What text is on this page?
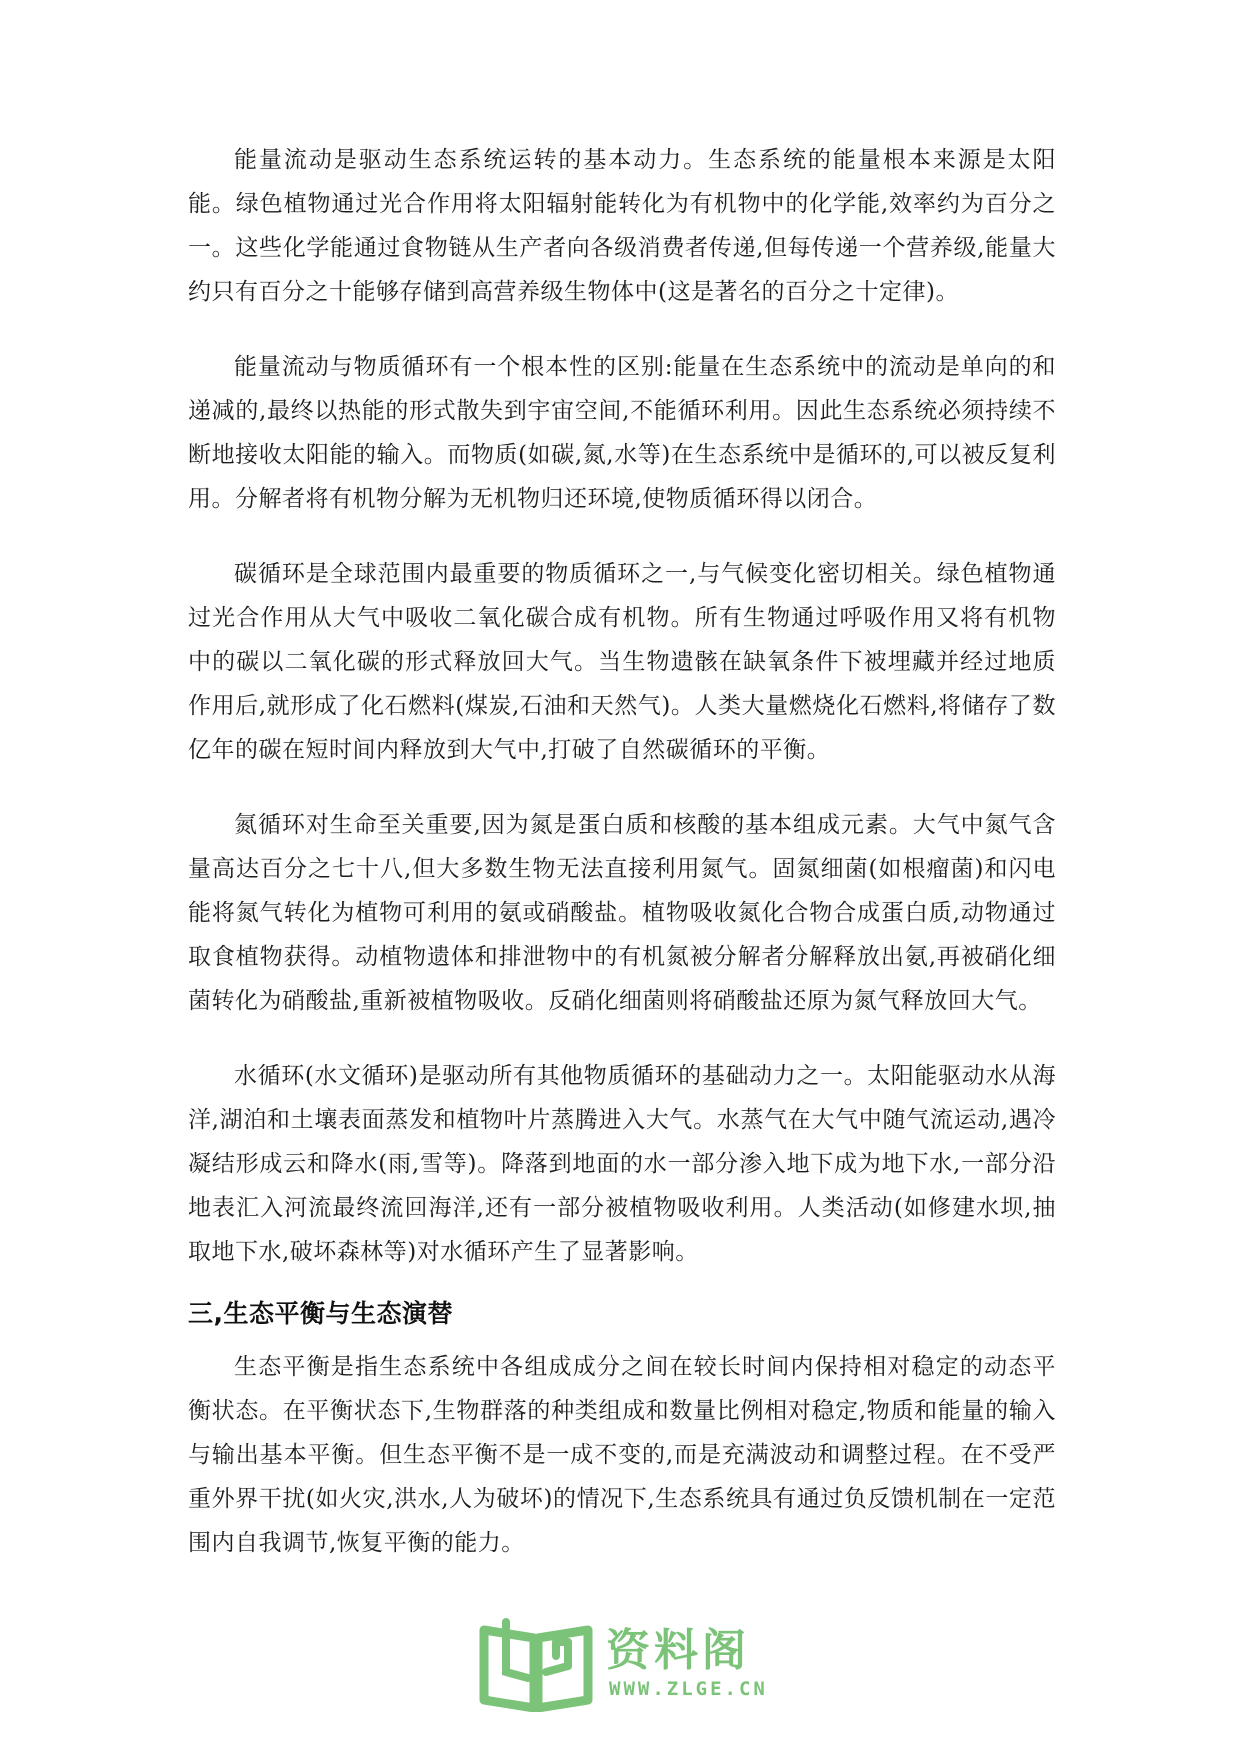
能量流动是驱动生态系统运转的基本动力。生态系统的能量根本来源是太阳能。绿色植物通过光合作用将太阳辐射能转化为有机物中的化学能,效率约为百分之一。这些化学能通过食物链从生产者向各级消费者传递,但每传递一个营养级,能量大约只有百分之十能够存储到高营养级生物体中(这是著名的百分之十定律)。

能量流动与物质循环有一个根本性的区别:能量在生态系统中的流动是单向的和递减的,最终以热能的形式散失到宇宙空间,不能循环利用。因此生态系统必须持续不断地接收太阳能的输入。而物质(如碳,氮,水等)在生态系统中是循环的,可以被反复利用。分解者将有机物分解为无机物归还环境,使物质循环得以闭合。

碳循环是全球范围内最重要的物质循环之一,与气候变化密切相关。绿色植物通过光合作用从大气中吸收二氧化碳合成有机物。所有生物通过呼吸作用又将有机物中的碳以二氧化碳的形式释放回大气。当生物遗骸在缺氧条件下被埋藏并经过地质作用后,就形成了化石燃料(煤炭,石油和天然气)。人类大量燃烧化石燃料,将储存了数亿年的碳在短时间内释放到大气中,打破了自然碳循环的平衡。

氮循环对生命至关重要,因为氮是蛋白质和核酸的基本组成元素。大气中氮气含量高达百分之七十八,但大多数生物无法直接利用氮气。固氮细菌(如根瘤菌)和闪电能将氮气转化为植物可利用的氨或硝酸盐。植物吸收氮化合物合成蛋白质,动物通过取食植物获得。动植物遗体和排泄物中的有机氮被分解者分解释放出氨,再被硝化细菌转化为硝酸盐,重新被植物吸收。反硝化细菌则将硝酸盐还原为氮气释放回大气。

水循环(水文循环)是驱动所有其他物质循环的基础动力之一。太阳能驱动水从海洋,湖泊和土壤表面蒸发和植物叶片蒸腾进入大气。水蒸气在大气中随气流运动,遇冷凝结形成云和降水(雨,雪等)。降落到地面的水一部分渗入地下成为地下水,一部分沿地表汇入河流最终流回海洋,还有一部分被植物吸收利用。人类活动(如修建水坝,抽取地下水,破坏森林等)对水循环产生了显著影响。

三,生态平衡与生态演替

生态平衡是指生态系统中各组成成分之间在较长时间内保持相对稳定的动态平衡状态。在平衡状态下,生物群落的种类组成和数量比例相对稳定,物质和能量的输入与输出基本平衡。但生态平衡不是一成不变的,而是充满波动和调整过程。在不受严重外界干扰(如火灾,洪水,人为破坏)的情况下,生态系统具有通过负反馈机制在一定范围内自我调节,恢复平衡的能力。

资料阁
WWW.ZLGE.CN
